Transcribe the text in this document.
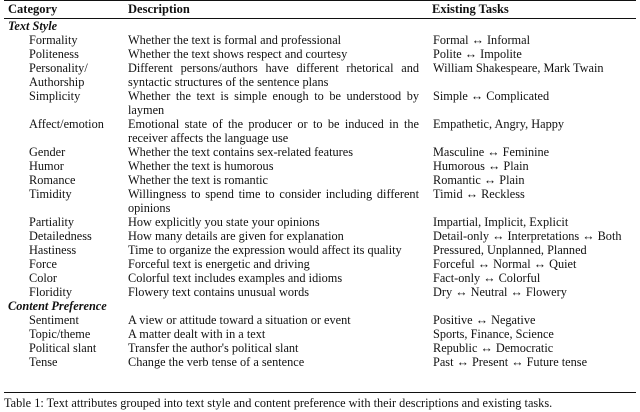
Category	Description	Existing Tasks
Text Style		
Formality	Whether the text is formal and professional	Formal ↔ Informal
Politeness	Whether the text shows respect and courtesy	Polite ↔ Impolite
Personality/ Authorship	Different persons/authors have different rhetorical and syntactic structures of the sentence plans	William Shakespeare, Mark Twain
Simplicity	Whether the text is simple enough to be understood by laymen	Simple ↔ Complicated
Affect/emotion	Emotional state of the producer or to be induced in the receiver affects the language use	Empathetic, Angry, Happy
Gender	Whether the text contains sex-related features	Masculine ↔ Feminine
Humor	Whether the text is humorous	Humorous ↔ Plain
Romance	Whether the text is romantic	Romantic ↔ Plain
Timidity	Willingness to spend time to consider including different opinions	Timid ↔ Reckless
Partiality	How explicitly you state your opinions	Impartial, Implicit, Explicit
Detailedness	How many details are given for explanation	Detail-only ↔ Interpretations ↔ Both
Hastiness	Time to organize the expression would affect its quality	Pressured, Unplanned, Planned
Force	Forceful text is energetic and driving	Forceful ↔ Normal ↔ Quiet
Color	Colorful text includes examples and idioms	Fact-only ↔ Colorful
Floridity	Flowery text contains unusual words	Dry ↔ Neutral ↔ Flowery
Content Preference		
Sentiment	A view or attitude toward a situation or event	Positive ↔ Negative
Topic/theme	A matter dealt with in a text	Sports, Finance, Science
Political slant	Transfer the author's political slant	Republic ↔ Democratic
Tense	Change the verb tense of a sentence	Past ↔ Present ↔ Future tense
Table 1: Text attributes grouped into text style and content preference with their descriptions and existing tasks.
